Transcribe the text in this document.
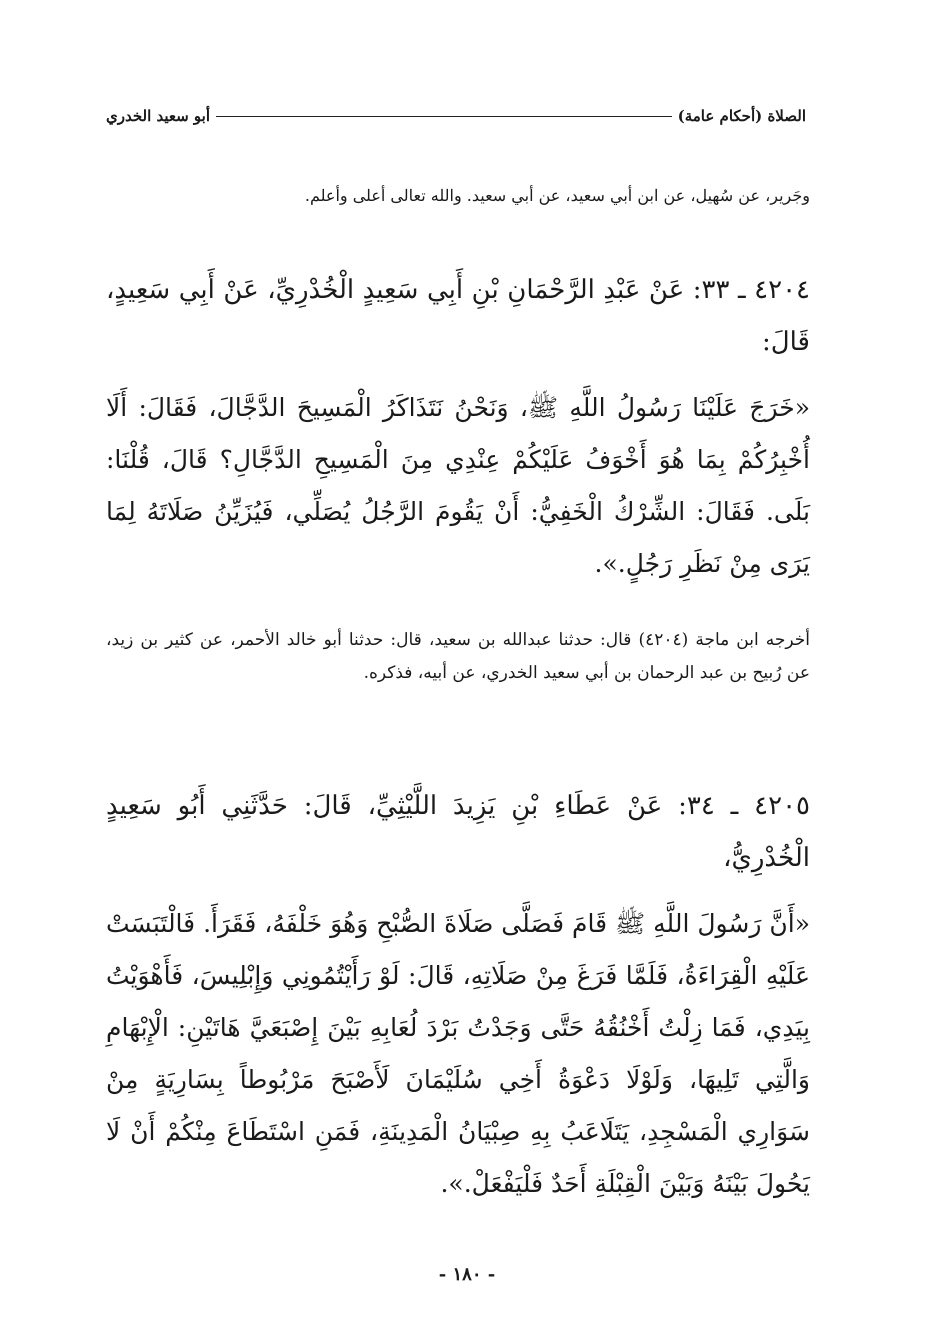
الصلاة (أحكام عامة)
أبو سعيد الخدري

وجَرير، عن سُهيل، عن ابن أبي سعيد، عن أبي سعيد. والله تعالى أعلى وأعلم.

٤٢٠٤ ـ ٣٣: عَنْ عَبْدِ الرَّحْمَانِ بْنِ أَبِي سَعِيدٍ الْخُدْرِيِّ، عَنْ أَبِي سَعِيدٍ، قَالَ:

«خَرَجَ عَلَيْنَا رَسُولُ اللَّهِ ﷺ، وَنَحْنُ نَتَذَاكَرُ الْمَسِيحَ الدَّجَّالَ، فَقَالَ: أَلَا أُخْبِرُكُمْ بِمَا هُوَ أَخْوَفُ عَلَيْكُمْ عِنْدِي مِنَ الْمَسِيحِ الدَّجَّالِ؟ قَالَ، قُلْنَا: بَلَى. فَقَالَ: الشِّرْكُ الْخَفِيُّ: أَنْ يَقُومَ الرَّجُلُ يُصَلِّي، فَيُزَيِّنُ صَلَاتَهُ لِمَا يَرَى مِنْ نَظَرِ رَجُلٍ.».

أخرجه ابن ماجة (٤٢٠٤) قال: حدثنا عبدالله بن سعيد، قال: حدثنا أبو خالد الأحمر، عن كثير بن زيد، عن رُبيح بن عبد الرحمان بن أبي سعيد الخدري، عن أبيه، فذكره.

٤٢٠٥ ـ ٣٤: عَنْ عَطَاءِ بْنِ يَزِيدَ اللَّيْثِيِّ، قَالَ: حَدَّثَنِي أَبُو سَعِيدٍ الْخُدْرِيُّ،

«أَنَّ رَسُولَ اللَّهِ ﷺ قَامَ فَصَلَّى صَلَاةَ الصُّبْحِ وَهُوَ خَلْفَهُ، فَقَرَأَ. فَالْتَبَسَتْ عَلَيْهِ الْقِرَاءَةُ، فَلَمَّا فَرَغَ مِنْ صَلَاتِهِ، قَالَ: لَوْ رَأَيْتُمُونِي وَإِبْلِيسَ، فَأَهْوَيْتُ بِيَدِي، فَمَا زِلْتُ أَخْنُقُهُ حَتَّى وَجَدْتُ بَرْدَ لُعَابِهِ بَيْنَ إِصْبَعَيَّ هَاتَيْنِ: الْإِبْهَامِ وَالَّتِي تَلِيهَا، وَلَوْلَا دَعْوَةُ أَخِي سُلَيْمَانَ لَأَصْبَحَ مَرْبُوطاً بِسَارِيَةٍ مِنْ سَوَارِي الْمَسْجِدِ، يَتَلَاعَبُ بِهِ صِبْيَانُ الْمَدِينَةِ، فَمَنِ اسْتَطَاعَ مِنْكُمْ أَنْ لَا يَحُولَ بَيْنَهُ وَبَيْنَ الْقِبْلَةِ أَحَدٌ فَلْيَفْعَلْ.».

- ١٨٠ -
